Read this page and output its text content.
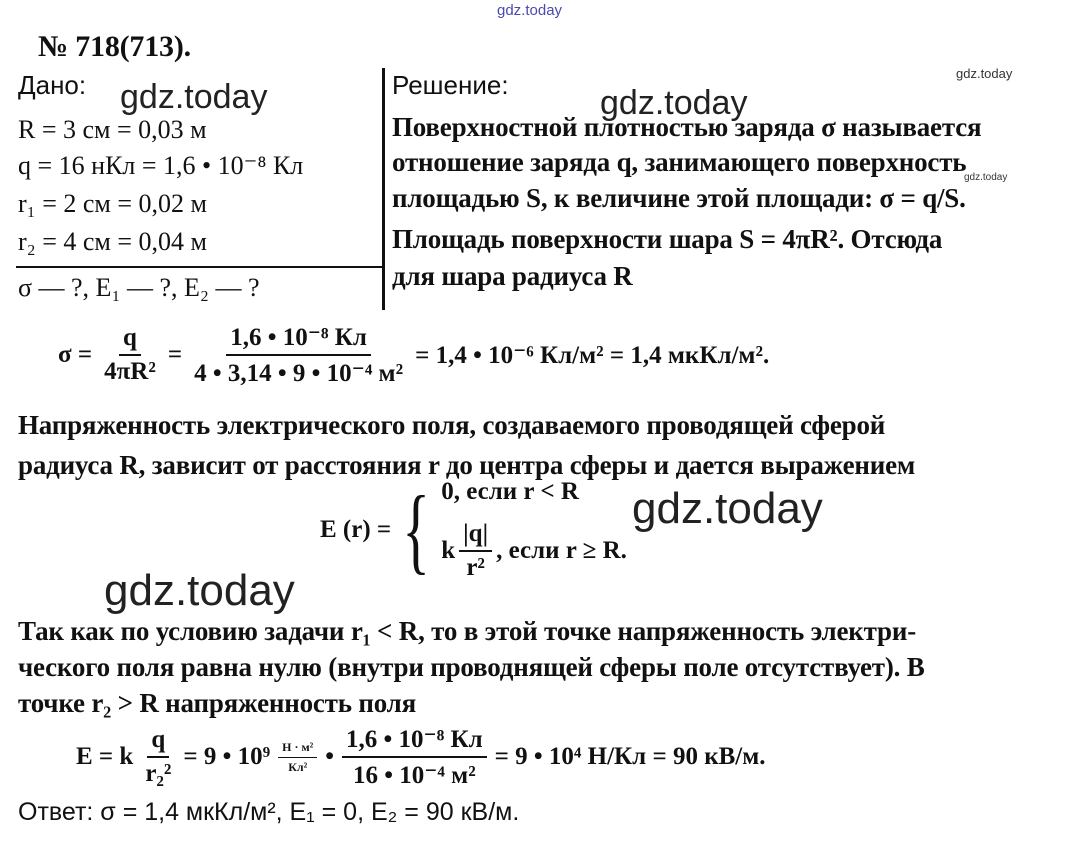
gdz.today
gdz.today
gdz.today
№ 718(713).
Дано: gdz.today
R = 3 см = 0,03 м
q = 16 нКл = 1,6 • 10⁻⁸ Кл
r₁ = 2 см = 0,02 м
r₂ = 4 см = 0,04 м
σ — ?, E₁ — ?, E₂ — ?
Решение:	gdz.today
Поверхностной плотностью заряда σ называется
отношение заряда q, занимающего поверхность
площадью S, к величине этой площади: σ = q/S.
Площадь поверхности шара S = 4πR². Отсюда
для шара радиуса R
$\sigma = \frac{q}{\text{4πR²}} = \frac{\text{1,6 • 10⁻⁸ Кл}}{\text{4 • 3,14 • 9 • 10⁻⁴ м²}} = 1,4$ • 10⁻⁶ Кл/м² = 1,4 мкКл/м².
Напряженность электрического поля, создаваемого проводящей сферой
радиуса R, зависит от расстояния r до центра сферы и дается выражением
E (r) = { 0, если r < R
k $\frac{|q|}{\text{r²}}$ , если r ≥ R.
gdz.today
gdz.today
Так как по условию задачи r₁ < R, то в этой точке напряженность электри-
ческого поля равна нулю (внутри проводнящей сферы поле отсутствует). В
точке r₂ > R напряженность поля
E = k $\frac{q}{\text{r₂²}} = 9$ • $10^9 \frac{\text{Н · м²}}{\text{Кл²}}$ • $\frac{\text{1,6 • 10⁻⁸ Кл}}{\text{16 • 10⁻⁴ м²}} = 9$ • 10⁴ Н/Кл = 90 кВ/м.
Ответ: σ = 1,4 мкКл/м², E₁ = 0, E₂ = 90 кВ/м.
